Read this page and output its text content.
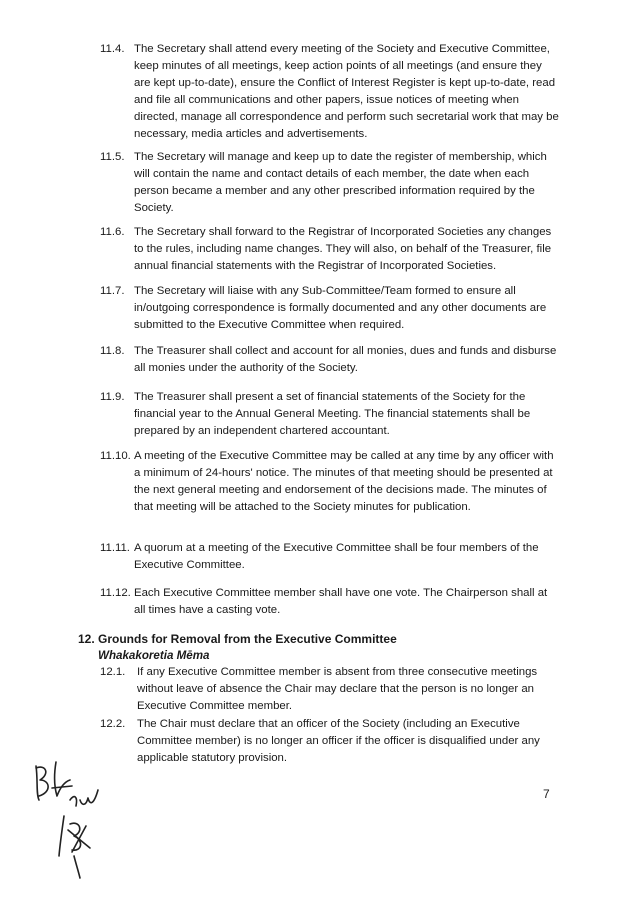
11.4. The Secretary shall attend every meeting of the Society and Executive Committee, keep minutes of all meetings, keep action points of all meetings (and ensure they are kept up-to-date), ensure the Conflict of Interest Register is kept up-to-date, read and file all communications and other papers, issue notices of meeting when directed, manage all correspondence and perform such secretarial work that may be necessary, media articles and advertisements.
11.5. The Secretary will manage and keep up to date the register of membership, which will contain the name and contact details of each member, the date when each person became a member and any other prescribed information required by the Society.
11.6. The Secretary shall forward to the Registrar of Incorporated Societies any changes to the rules, including name changes. They will also, on behalf of the Treasurer, file annual financial statements with the Registrar of Incorporated Societies.
11.7. The Secretary will liaise with any Sub-Committee/Team formed to ensure all in/outgoing correspondence is formally documented and any other documents are submitted to the Executive Committee when required.
11.8. The Treasurer shall collect and account for all monies, dues and funds and disburse all monies under the authority of the Society.
11.9. The Treasurer shall present a set of financial statements of the Society for the financial year to the Annual General Meeting. The financial statements shall be prepared by an independent chartered accountant.
11.10. A meeting of the Executive Committee may be called at any time by any officer with a minimum of 24-hours' notice. The minutes of that meeting should be presented at the next general meeting and endorsement of the decisions made. The minutes of that meeting will be attached to the Society minutes for publication.
11.11. A quorum at a meeting of the Executive Committee shall be four members of the Executive Committee.
11.12. Each Executive Committee member shall have one vote. The Chairperson shall at all times have a casting vote.
12. Grounds for Removal from the Executive Committee
Whakakoretia Mēma
12.1. If any Executive Committee member is absent from three consecutive meetings without leave of absence the Chair may declare that the person is no longer an Executive Committee member.
12.2. The Chair must declare that an officer of the Society (including an Executive Committee member) is no longer an officer if the officer is disqualified under any applicable statutory provision.
7
